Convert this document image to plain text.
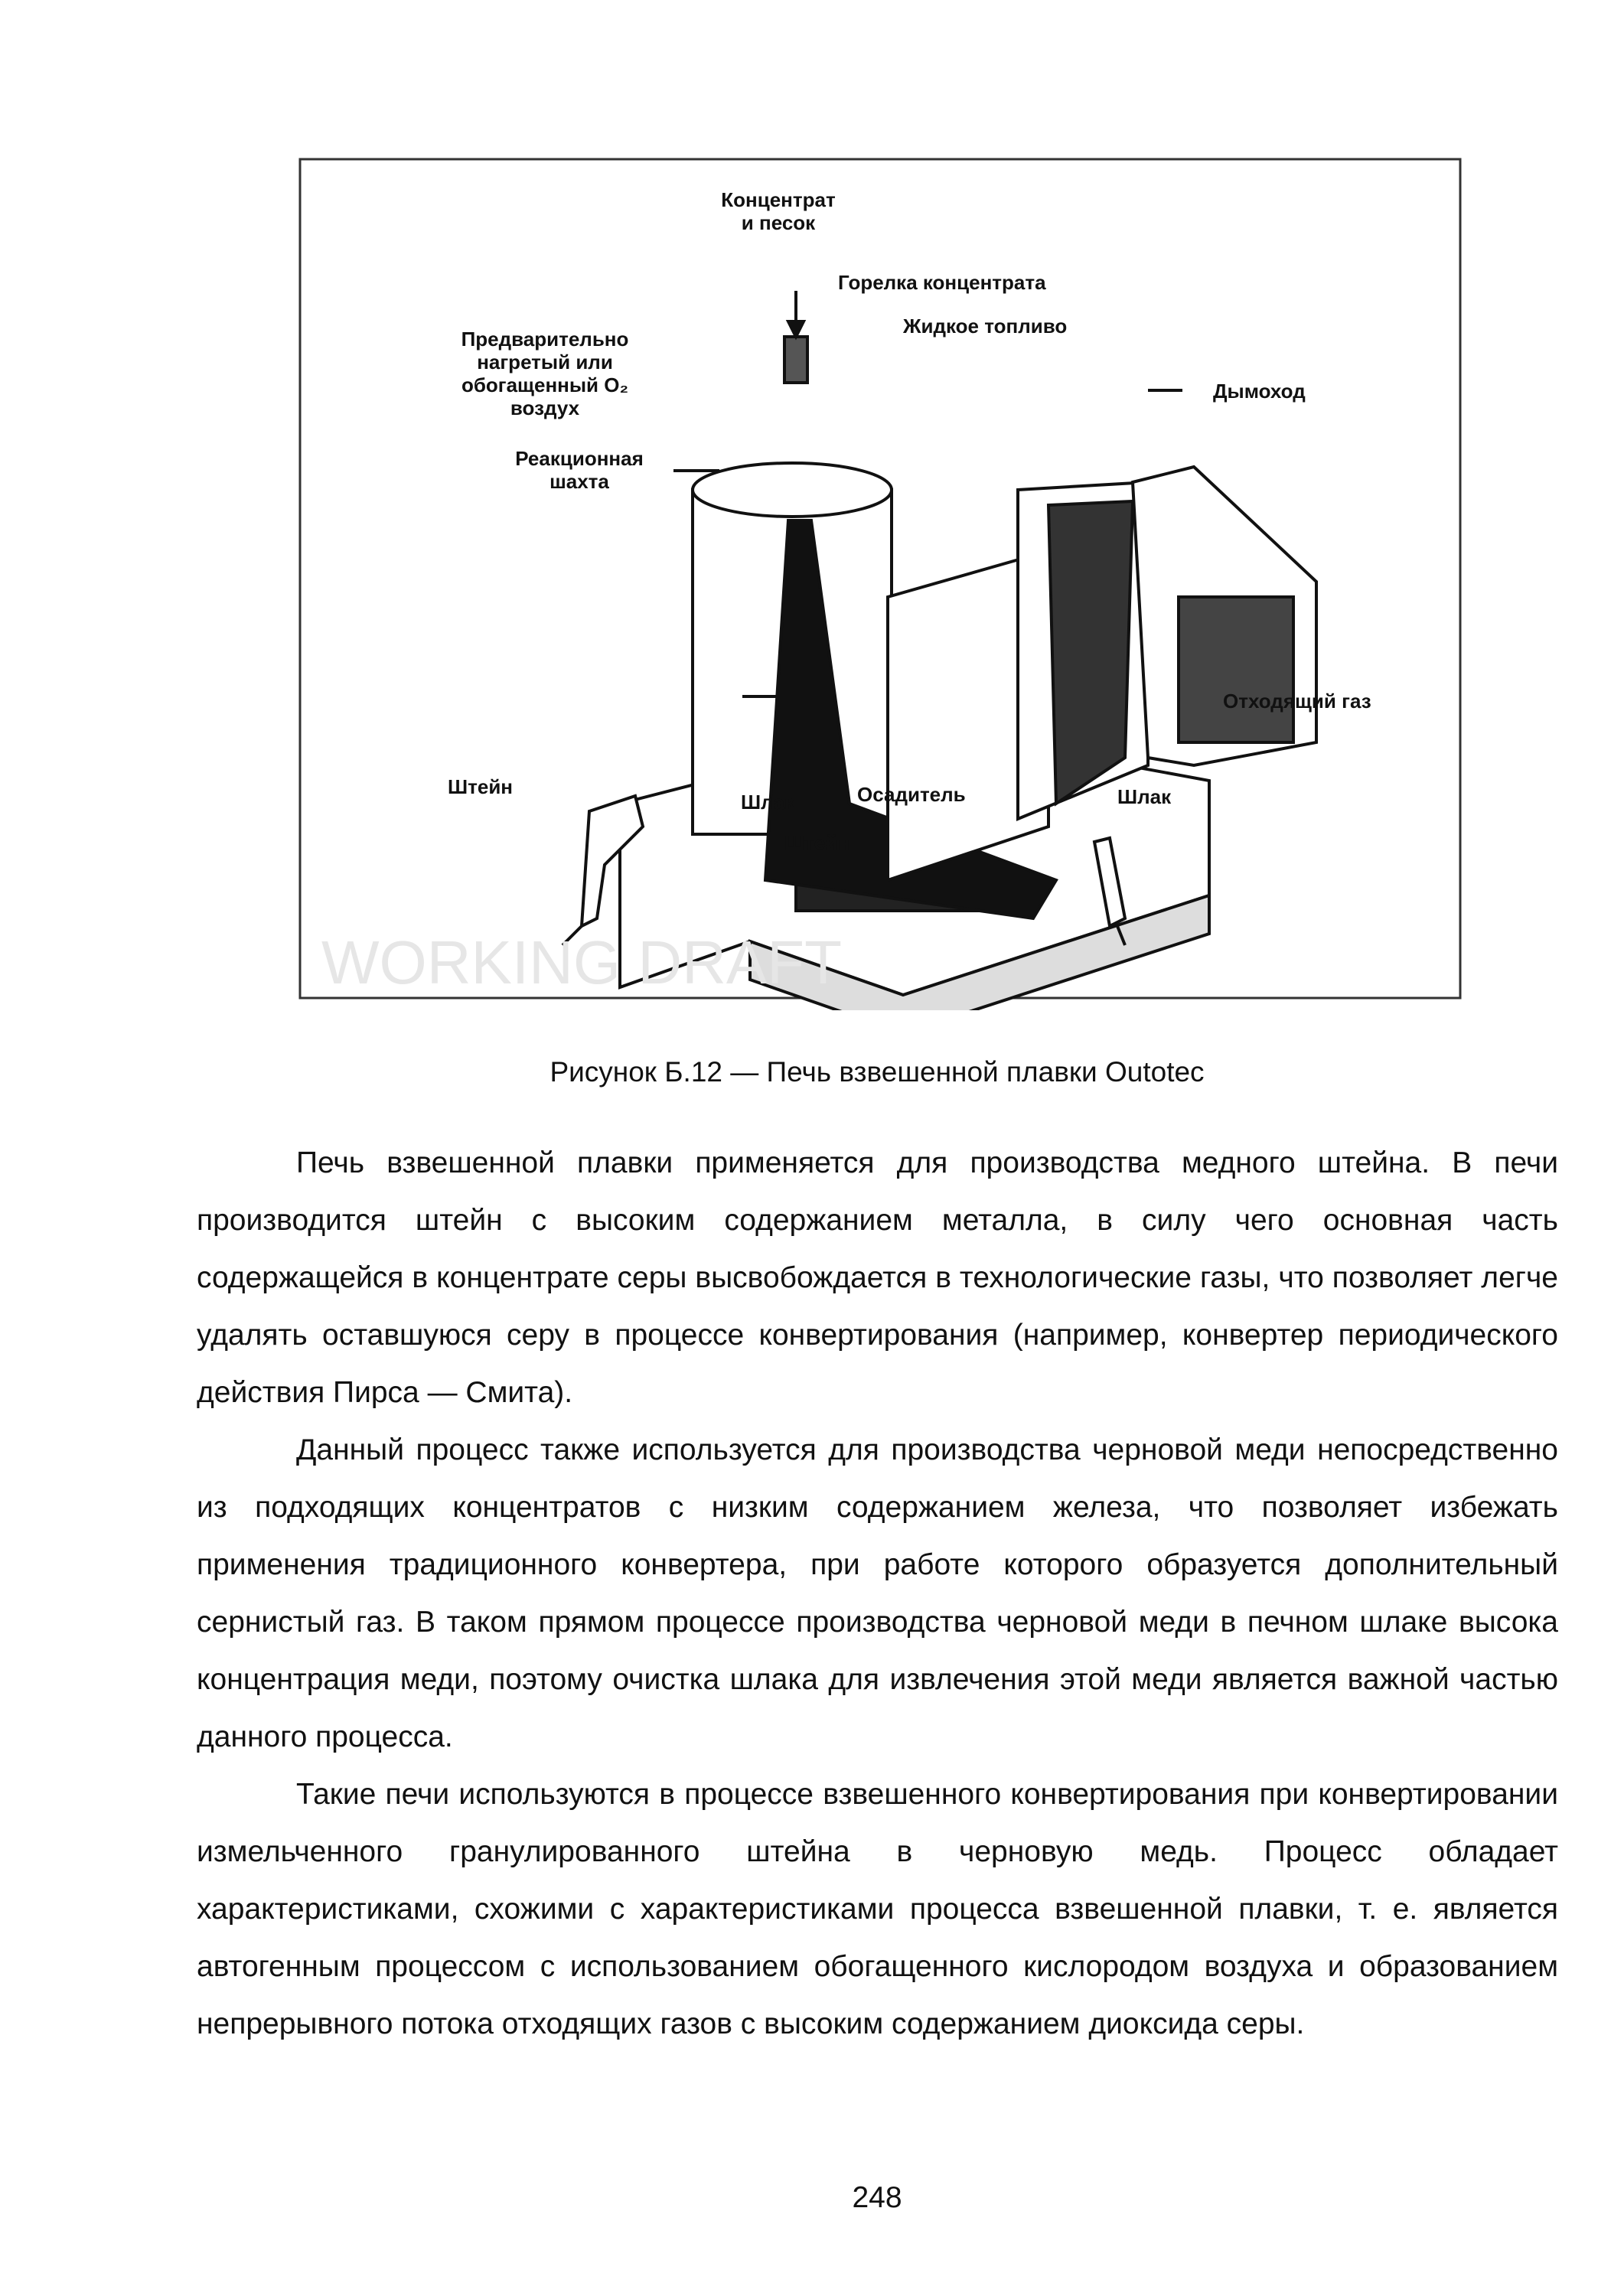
WORKING DRAFT
Концентрат
и песок
Горелка концентрата
Жидкое топливо
Предварительно
нагретый или
обогащенный O₂
воздух
Дымоход
Реакционная
шахта
Отходящий газ
Штейн
Шлак	Осадитель
Штейн
Шлак
Рисунок Б.12 — Печь взвешенной плавки Outotec

Печь взвешенной плавки применяется для производства медного штейна. В печи производится штейн с высоким содержанием металла, в силу чего основная часть содержащейся в концентрате серы высвобождается в технологические газы, что позволяет легче удалять оставшуюся серу в процессе конвертирования (например, конвертер периодического действия Пирса — Смита).

Данный процесс также используется для производства черновой меди непосредственно из подходящих концентратов с низким содержанием железа, что позволяет избежать применения традиционного конвертера, при работе которого образуется дополнительный сернистый газ. В таком прямом процессе производства черновой меди в печном шлаке высока концентрация меди, поэтому очистка шлака для извлечения этой меди является важной частью данного процесса.

Такие печи используются в процессе взвешенного конвертирования при конвертировании измельченного гранулированного штейна в черновую медь. Процесс обладает характеристиками, схожими с характеристиками процесса взвешенной плавки, т. е. является автогенным процессом с использованием обогащенного кислородом воздуха и образованием непрерывного потока отходящих газов с высоким содержанием диоксида серы.

248
